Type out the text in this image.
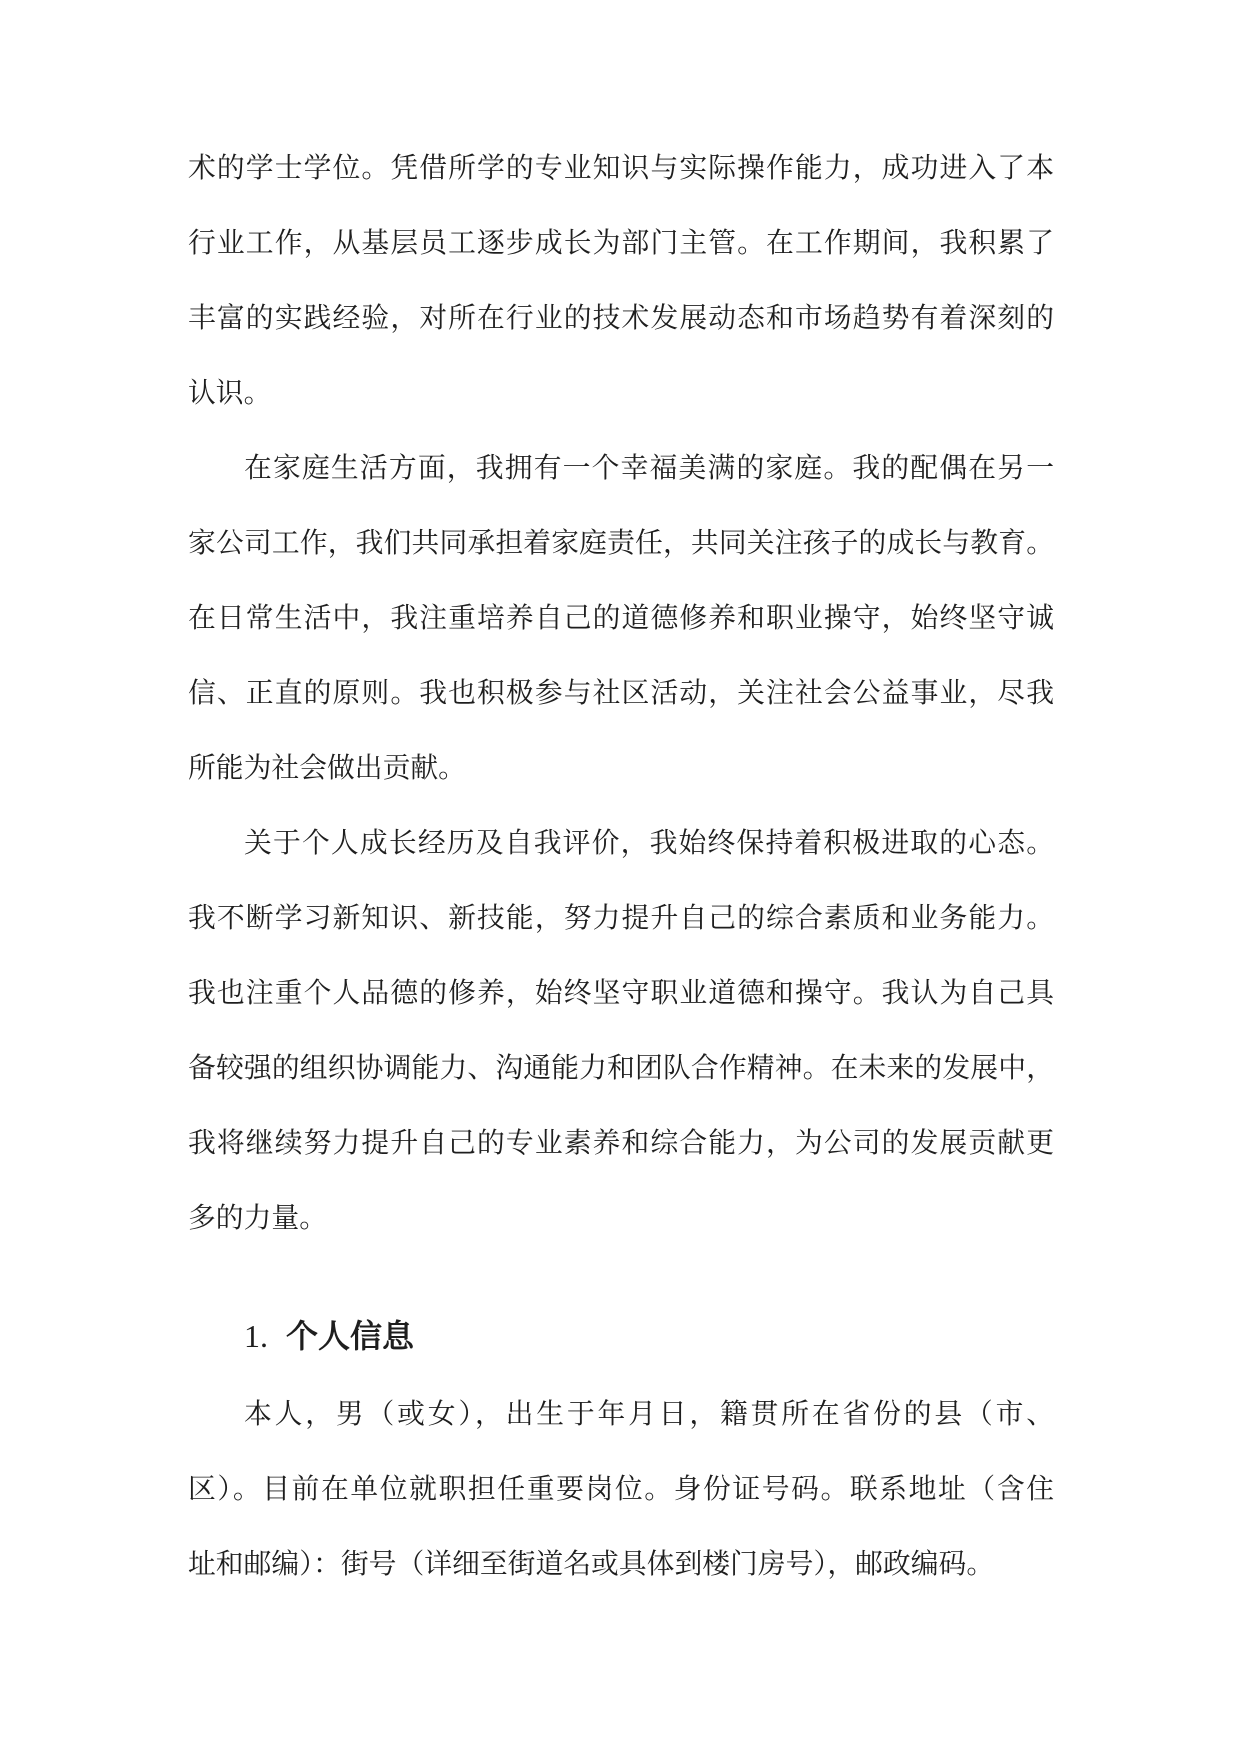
术的学士学位。凭借所学的专业知识与实际操作能力，成功进入了本
行业工作，从基层员工逐步成长为部门主管。在工作期间，我积累了
丰富的实践经验，对所在行业的技术发展动态和市场趋势有着深刻的
认识。
在家庭生活方面，我拥有一个幸福美满的家庭。我的配偶在另一
家公司工作，我们共同承担着家庭责任，共同关注孩子的成长与教育。
在日常生活中，我注重培养自己的道德修养和职业操守，始终坚守诚
信、正直的原则。我也积极参与社区活动，关注社会公益事业，尽我
所能为社会做出贡献。
关于个人成长经历及自我评价，我始终保持着积极进取的心态。
我不断学习新知识、新技能，努力提升自己的综合素质和业务能力。
我也注重个人品德的修养，始终坚守职业道德和操守。我认为自己具
备较强的组织协调能力、沟通能力和团队合作精神。在未来的发展中，
我将继续努力提升自己的专业素养和综合能力，为公司的发展贡献更
多的力量。
1. 个人信息
本人，男（或女），出生于年月日，籍贯所在省份的县（市、
区）。目前在单位就职担任重要岗位。身份证号码。联系地址（含住
址和邮编）：街号（详细至街道名或具体到楼门房号），邮政编码。
